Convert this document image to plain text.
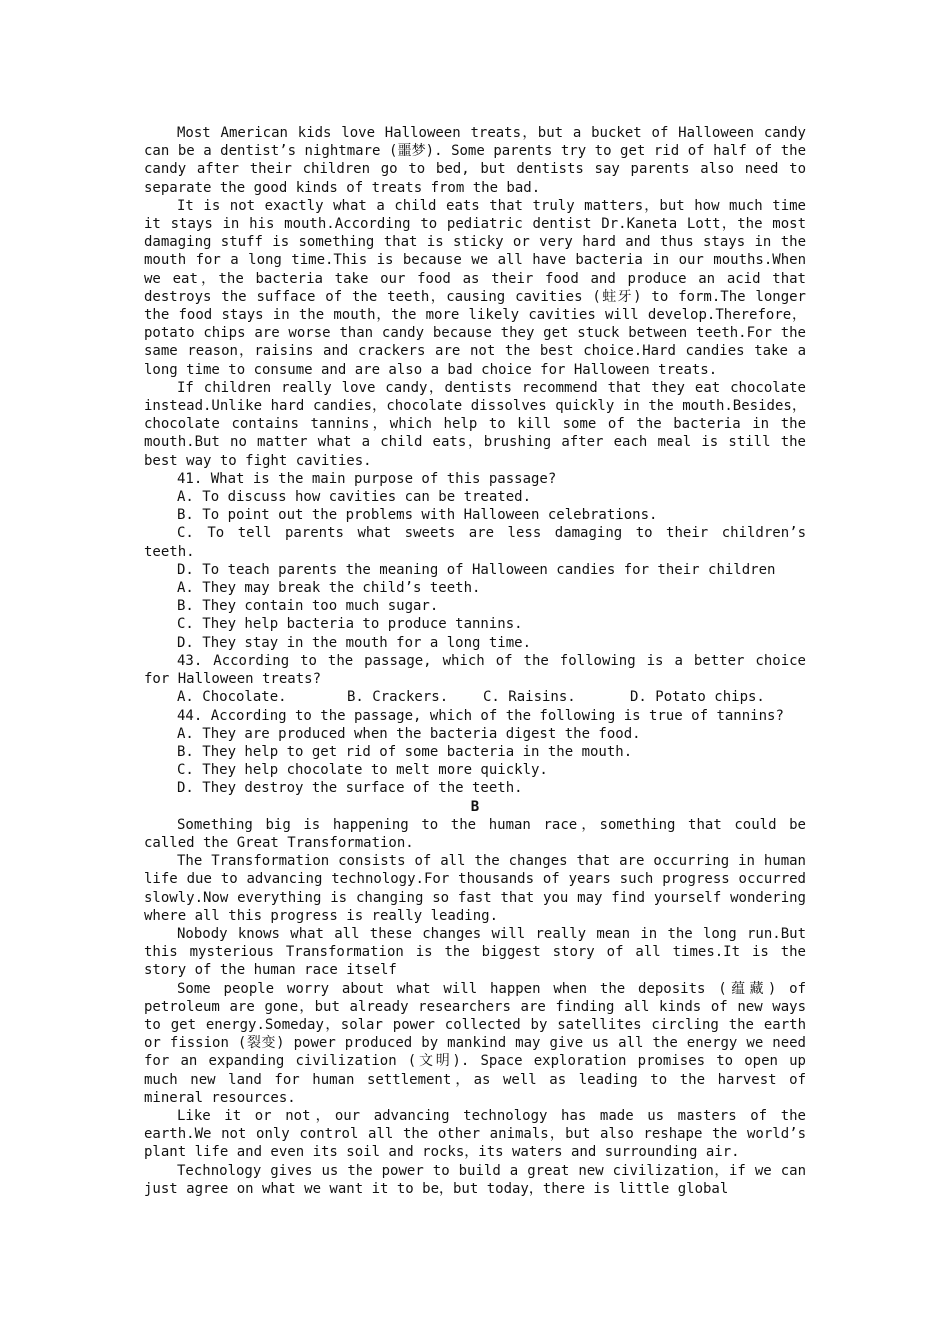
Most American kids love Halloween treats，but a bucket of Halloween candy can be a dentist’s nightmare (噩梦). Some parents try to get rid of half of the candy after their children go to bed, but dentists say parents also need to separate the good kinds of treats from the bad.

It is not exactly what a child eats that truly matters，but how much time it stays in his mouth.According to pediatric dentist Dr.Kaneta Lott，the most damaging stuff is something that is sticky or very hard and thus stays in the mouth for a long time.This is because we all have bacteria in our mouths.When we eat，the bacteria take our food as their food and produce an acid that destroys the sufface of the teeth，causing cavities (蛀牙) to form.The longer the food stays in the mouth，the more likely cavities will develop.Therefore，potato chips are worse than candy because they get stuck between teeth.For the same reason，raisins and crackers are not the best choice.Hard candies take a long time to consume and are also a bad choice for Halloween treats.

If children really love candy，dentists recommend that they eat chocolate instead.Unlike hard candies，chocolate dissolves quickly in the mouth.Besides，chocolate contains tannins，which help to kill some of the bacteria in the mouth.But no matter what a child eats，brushing after each meal is still the best way to fight cavities.

41. What is the main purpose of this passage?

A. To discuss how cavities can be treated.

B. To point out the problems with Halloween celebrations.

C. To tell parents what sweets are less damaging to their children’s teeth.

D. To teach parents the meaning of Halloween candies for their children

A. They may break the child’s teeth.

B. They contain too much sugar.

C. They help bacteria to produce tannins.

D. They stay in the mouth for a long time.

43. According to the passage, which of the following is a better choice for Halloween treats?

A. Chocolate.	B. Crackers.	C. Raisins.	D. Potato chips.

44. According to the passage, which of the following is true of tannins?

A. They are produced when the bacteria digest the food.

B. They help to get rid of some bacteria in the mouth.

C. They help chocolate to melt more quickly.

D. They destroy the surface of the teeth.

B

Something big is happening to the human race，something that could be called the Great Transformation.

The Transformation consists of all the changes that are occurring in human life due to advancing technology.For thousands of years such progress occurred slowly.Now everything is changing so fast that you may find yourself wondering where all this progress is really leading.

Nobody knows what all these changes will really mean in the long run.But this mysterious Transformation is the biggest story of all times.It is the story of the human race itself

Some people worry about what will happen when the deposits (蕴藏) of petroleum are gone，but already researchers are finding all kinds of new ways to get energy.Someday，solar power collected by satellites circling the earth or fission (裂变) power produced by mankind may give us all the energy we need for an expanding civilization (文明). Space exploration promises to open up much new land for human settlement，as well as leading to the harvest of mineral resources.

Like it or not，our advancing technology has made us masters of the earth.We not only control all the other animals，but also reshape the world’s plant life and even its soil and rocks，its waters and surrounding air.

Technology gives us the power to build a great new civilization，if we can just agree on what we want it to be，but today，there is little global
